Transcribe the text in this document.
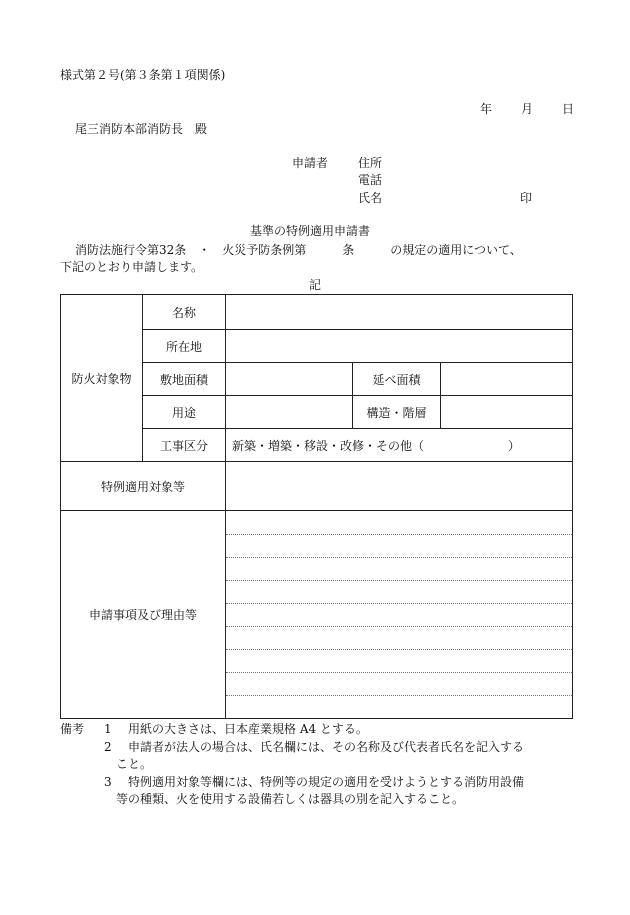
様式第２号(第３条第１項関係)
年 月 日
尾三消防本部消防長　殿
申請者 住所
電話
氏名	印
基準の特例適用申請書
消防法施行令第32条　・　火災予防条例第　　　条　　　の規定の適用について、
下記のとおり申請します。
記
防火対象物	名称			
	所在地			
	敷地面積		延べ面積	
	用途		構造・階層	
	工事区分	新築・増築・移設・改修・その他（　　　　　　　）		
特例適用対象等				
申請事項及び理由等				
備考 1 用紙の大きさは、日本産業規格 A4 とする。
2 申請者が法人の場合は、氏名欄には、その名称及び代表者氏名を記入する
こと。
3 特例適用対象等欄には、特例等の規定の適用を受けようとする消防用設備
等の種類、火を使用する設備若しくは器具の別を記入すること。
